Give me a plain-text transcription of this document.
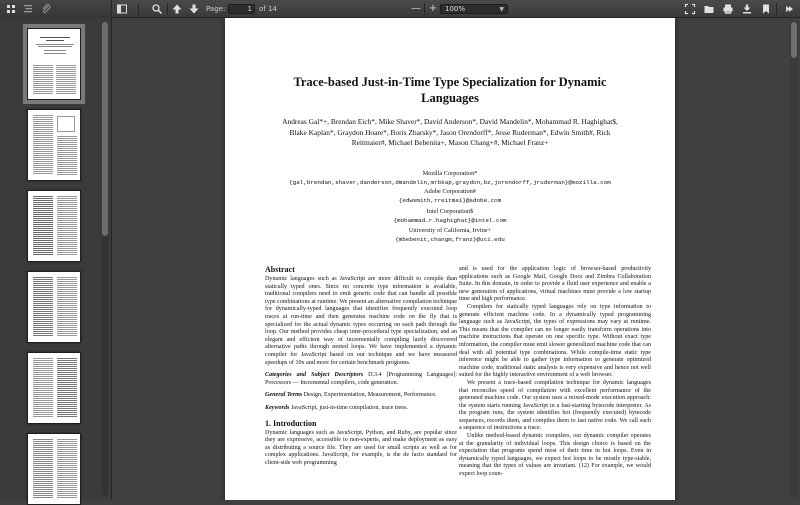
Page:	1	of 14	— +	100%	▼
Trace-based Just-in-Time Type Specialization for Dynamic Languages
Andreas Gal*+, Brendan Eich*, Mike Shaver*, David Anderson*, David Mandelin*, Mohammad R. Haghighat$, Blake Kaplan*, Graydon Hoare*, Boris Zbarsky*, Jason Orendorff*, Jesse Ruderman*, Edwin Smith#, Rick Reitmaier#, Michael Bebenita+, Mason Chang+#, Michael Franz+
Mozilla Corporation*
{gal,brendan,shaver,danderson,dmandelin,mrbkap,graydon,bz,jorendorff,jruderman}@mozilla.com
Adobe Corporation#
{edwsmith,rreitmai}@adobe.com
Intel Corporation$
{mohammad.r.haghighat}@intel.com
University of California, Irvine+
{mbebenit,changm,franz}@uci.edu
Abstract
Dynamic languages such as JavaScript are more difficult to compile than statically typed ones. Since no concrete type information is available, traditional compilers need to emit generic code that can handle all possible type combinations at runtime. We present an alternative compilation technique for dynamically-typed languages that identifies frequently executed loop traces at run-time and then generates machine code on the fly that is specialized for the actual dynamic types occurring on each path through the loop. Our method provides cheap inter-procedural type specialization, and an elegant and efficient way of incrementally compiling lazily discovered alternative paths through nested loops. We have implemented a dynamic compiler for JavaScript based on our technique and we have measured speedups of 10x and more for certain benchmark programs.
Categories and Subject Descriptors D.3.4 [Programming Languages]: Processors — Incremental compilers, code generation.
General Terms Design, Experimentation, Measurement, Performance.
Keywords JavaScript, just-in-time compilation, trace trees.
1. Introduction
Dynamic languages such as JavaScript, Python, and Ruby, are popular since they are expressive, accessible to non-experts, and make deployment as easy as distributing a source file. They are used for small scripts as well as for complex applications. JavaScript, for example, is the de facto standard for client-side web programming
and is used for the application logic of browser-based productivity applications such as Google Mail, Google Docs and Zimbra Collaboration Suite. In this domain, in order to provide a fluid user experience and enable a new generation of applications, virtual machines must provide a low startup time and high performance.
Compilers for statically typed languages rely on type information to generate efficient machine code. In a dynamically typed programming language such as JavaScript, the types of expressions may vary at runtime. This means that the compiler can no longer easily transform operations into machine instructions that operate on one specific type. Without exact type information, the compiler must emit slower generalized machine code that can deal with all potential type combinations. While compile-time static type inference might be able to gather type information to generate optimized machine code, traditional static analysis is very expensive and hence not well suited for the highly interactive environment of a web browser.
We present a trace-based compilation technique for dynamic languages that reconciles speed of compilation with excellent performance of the generated machine code. Our system uses a mixed-mode execution approach: the system starts running JavaScript in a fast-starting bytecode interpreter. As the program runs, the system identifies hot (frequently executed) bytecode sequences, records them, and compiles them to fast native code. We call such a sequence of instructions a trace.
Unlike method-based dynamic compilers, our dynamic compiler operates at the granularity of individual loops. This design choice is based on the expectation that programs spend most of their time in hot loops. Even in dynamically typed languages, we expect hot loops to be mostly type-stable, meaning that the types of values are invariant. (12) For example, we would expect loop coun-
